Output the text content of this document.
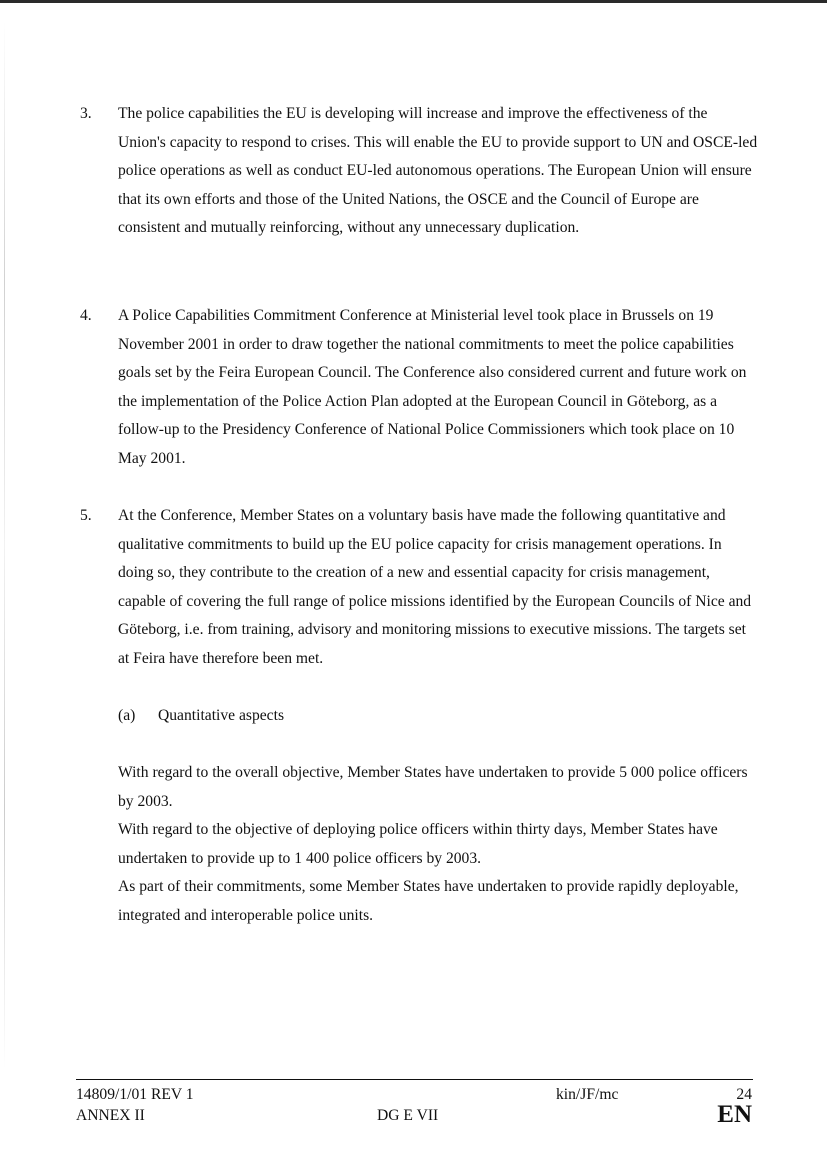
3.	The police capabilities the EU is developing will increase and improve the effectiveness of the Union's capacity to respond to crises. This will enable the EU to provide support to UN and OSCE-led police operations as well as conduct EU-led autonomous operations. The European Union will ensure that its own efforts and those of the United Nations, the OSCE and the Council of Europe are consistent and mutually reinforcing, without any unnecessary duplication.
4.	A Police Capabilities Commitment Conference at Ministerial level took place in Brussels on 19 November 2001 in order to draw together the national commitments to meet the police capabilities goals set by the Feira European Council. The Conference also considered current and future work on the implementation of the Police Action Plan adopted at the European Council in Göteborg, as a follow-up to the Presidency Conference of National Police Commissioners which took place on 10 May 2001.
5.	At the Conference, Member States on a voluntary basis have made the following quantitative and qualitative commitments to build up the EU police capacity for crisis management operations. In doing so, they contribute to the creation of a new and essential capacity for crisis management, capable of covering the full range of police missions identified by the European Councils of Nice and Göteborg, i.e. from training, advisory and monitoring missions to executive missions. The targets set at Feira have therefore been met.
(a) Quantitative aspects

With regard to the overall objective, Member States have undertaken to provide 5 000 police officers by 2003.

With regard to the objective of deploying police officers within thirty days, Member States have undertaken to provide up to 1 400 police officers by 2003.

As part of their commitments, some Member States have undertaken to provide rapidly deployable, integrated and interoperable police units.

14809/1/01 REV 1
ANNEX II	DG E VII
kin/JF/mc	24
EN
